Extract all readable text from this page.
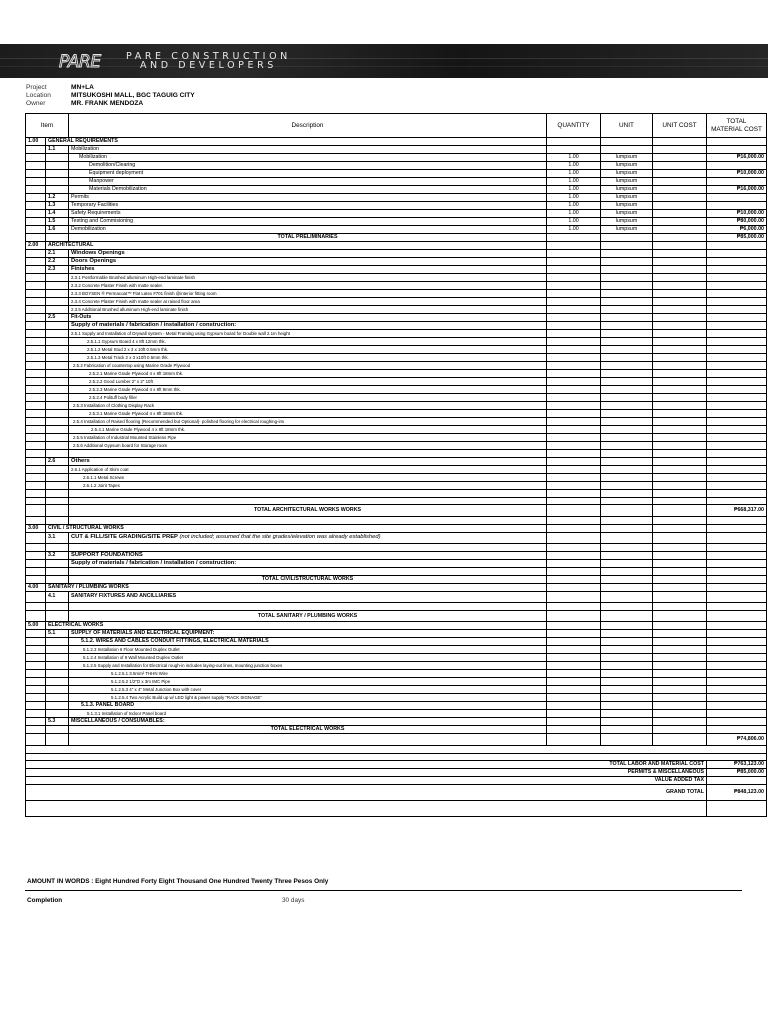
PARE	PARE CONSTRUCTION
AND DEVELOPERS
Project	MN+LA
Location	MITSUKOSHI MALL, BGC TAGUIG CITY
Owner	MR. FRANK MENDOZA
Item		Description	QUANTITY	UNIT	UNIT COST	TOTAL
MATERIAL COST
1.00	GENERAL REQUIREMENTS					
	1.1	Mobilization				
		Mobilization	1.00	lumpsum		₱16,000.00
		Demolition/Clearing	1.00	lumpsum		
		Equipment deployment	1.00	lumpsum		₱10,000.00
		Manpower	1.00	lumpsum		
		Materials Demobilization	1.00	lumpsum		₱16,000.00
	1.2	Permits	1.00	lumpsum		
	1.3	Temporary Facilities	1.00	lumpsum		
	1.4	Safety Requirements	1.00	lumpsum		₱10,000.00
	1.5	Testing and Commisioning	1.00	lumpsum		₱80,000.00
	1.6	Demobilization	1.00	lumpsum		₱6,000.00
		TOTAL PRELIMINARIES				₱85,000.00
2.00	ARCHITECTURAL					
	2.1	Windows Openings				
	2.2	Doors Openings				
	2.3	Finishes				
		2.3.1 Postformable Brushed alluminum High-end laminate finish				
		2.3.2 Concrete Plaster Finish with matte sealer.				
		2.3.3 BOYSEN ® Permacoat™ Flat Latex #701 finish @interior fitting room				
		2.3.4 Concrete Plaster Finish with matte sealer at raised floor area				
		2.3.5 Additional Brushed alluminum High-end laminate finish				
	2.5	Fit-Outs				
		Supply of materials / fabrication / installation / construction:				
		2.5.1 Supply and Installation of Drywall system - Metal Framing using Gypsum board for Double wall 2.1m height				
		2.5.1.1 Gypsum Board 4 x 8ft 12mm thk.				
		2.5.1.2 Metal Stud 2 x 3 x 10ft 0.5mm thk.				
		2.5.1.3 Metal Track 2 x 3 x10ft 0.5mm thk.				
		2.5.2 Fabrication of countertop using Marine Grade Plywood				
		2.5.2.1 Marine Grade Plywood 4 x 8ft 18mm thk.				
		2.5.2.2 Good Lumber 2" x 2" 10ft				
		2.5.2.3 Marine Grade Plywood 4 x 8ft 9mm thk.				
		2.5.2.4 Polituff body filler				
		2.5.3 Installation of Clothing Display Rack				
		2.5.3.1 Marine Grade Plywood 4 x 8ft 18mm thk.				
		2.5.4 Installation of Raised flooring (Recommended but Optional)- polished flooring for electrical roughing-ins				
		2.5.4.1 Marine Grade Plywood 4 x 8ft 18mm thk.				
		2.5.5 Installation of Industrial Mounted Stainless Pipe				
		2.5.6 Additional Gypsum board for Storage room				

	2.6	Others				
		2.6.1 Application of Skim coat				
		2.6.1.1 Metal Screws				
		2.6.1.2 Joint Tapes				

		TOTAL ARCHITECTURAL WORKS WORKS				₱668,317.00

3.00	CIVIL / STRUCTURAL WORKS					
	3.1	CUT & FILL/SITE GRADING/SITE PREP (not included; assumed that the site grades/elevation was already established)				

	3.2	SUPPORT FOUNDATIONS				
		Supply of materials / fabrication / installation / construction:				

		TOTAL CIVIL/STRUCTURAL WORKS				
4.00	SANITARY / PLUMBING WORKS					
	4.1	SANITARY FIXTURES AND ANCILLIARIES				

		TOTAL SANITARY / PLUMBING WORKS				
5.00	ELECTRICAL WORKS					
	5.1	SUPPLY OF MATERIALS AND ELECTRICAL EQUIPMENT:				
		5.1.2. WIRES AND CABLES CONDUIT FITTINGS, ELECTRICAL MATERIALS				
		5.1.2.3 Installation 6 Floor Mounted Duplex Outlet				
		5.1.2.4 Installation of 9 Wall Mounted Duplex Outlet				
		5.1.2.5 Supply and Installation for Electrical rough-in includes laying-out lines, mounting junction boxes				
		5.1.2.5.1 3.5mm² THHN Wire				
		5.1.2.5.2 1/2"D x 3m IMC Pipe				
		5.1.2.5.3 4" x 4" Metal Junction Box with cover				
		5.1.2.5.4 Two Acrylic Build up w/ LED light & power supply "RACK SIGNAGE"				
		5.1.3. PANEL BOARD				
		5.1.3.1 Installation of Indoor Panel board				
	5.3	MISCELLANEOUS / CONSUMABLES:				
		TOTAL ELECTRICAL WORKS				
						₱74,806.00

TOTAL LABOR AND MATERIAL COST						₱763,123.00
PERMITS & MISCELLANEOUS						₱85,000.00
VALUE ADDED TAX						
GRAND TOTAL						₱848,123.00

AMOUNT IN WORDS : Eight Hundred Forty Eight Thousand One Hundred Twenty Three Pesos Only
Completion	30 days
